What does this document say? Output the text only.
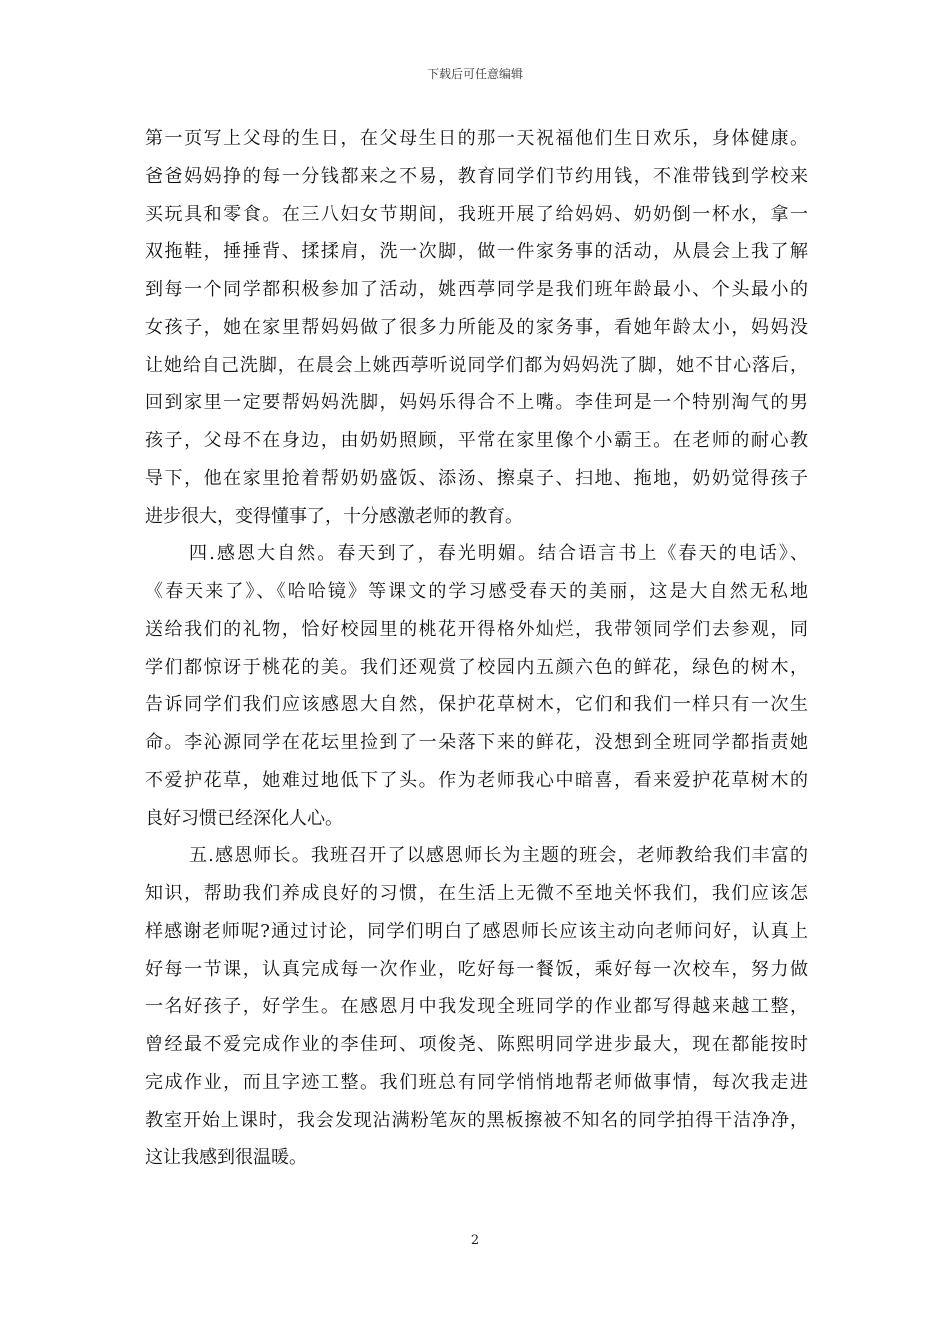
下载后可任意编辑
第一页写上父母的生日，在父母生日的那一天祝福他们生日欢乐，身体健康。
爸爸妈妈挣的每一分钱都来之不易，教育同学们节约用钱，不准带钱到学校来
买玩具和零食。在三八妇女节期间，我班开展了给妈妈、奶奶倒一杯水，拿一
双拖鞋，捶捶背、揉揉肩，洗一次脚，做一件家务事的活动，从晨会上我了解
到每一个同学都积极参加了活动，姚西葶同学是我们班年龄最小、个头最小的
女孩子，她在家里帮妈妈做了很多力所能及的家务事，看她年龄太小，妈妈没
让她给自己洗脚，在晨会上姚西葶听说同学们都为妈妈洗了脚，她不甘心落后，
回到家里一定要帮妈妈洗脚，妈妈乐得合不上嘴。李佳珂是一个特别淘气的男
孩子，父母不在身边，由奶奶照顾，平常在家里像个小霸王。在老师的耐心教
导下，他在家里抢着帮奶奶盛饭、添汤、擦桌子、扫地、拖地，奶奶觉得孩子
进步很大，变得懂事了，十分感激老师的教育。
四.感恩大自然。春天到了，春光明媚。结合语言书上《春天的电话》、
《春天来了》、《哈哈镜》等课文的学习感受春天的美丽，这是大自然无私地
送给我们的礼物，恰好校园里的桃花开得格外灿烂，我带领同学们去参观，同
学们都惊讶于桃花的美。我们还观赏了校园内五颜六色的鲜花，绿色的树木，
告诉同学们我们应该感恩大自然，保护花草树木，它们和我们一样只有一次生
命。李沁源同学在花坛里捡到了一朵落下来的鲜花，没想到全班同学都指责她
不爱护花草，她难过地低下了头。作为老师我心中暗喜，看来爱护花草树木的
良好习惯已经深化人心。
五.感恩师长。我班召开了以感恩师长为主题的班会，老师教给我们丰富的
知识，帮助我们养成良好的习惯，在生活上无微不至地关怀我们，我们应该怎
样感谢老师呢?通过讨论，同学们明白了感恩师长应该主动向老师问好，认真上
好每一节课，认真完成每一次作业，吃好每一餐饭，乘好每一次校车，努力做
一名好孩子，好学生。在感恩月中我发现全班同学的作业都写得越来越工整，
曾经最不爱完成作业的李佳珂、项俊尧、陈熙明同学进步最大，现在都能按时
完成作业，而且字迹工整。我们班总有同学悄悄地帮老师做事情，每次我走进
教室开始上课时，我会发现沾满粉笔灰的黑板擦被不知名的同学拍得干洁净净，
这让我感到很温暖。
2
